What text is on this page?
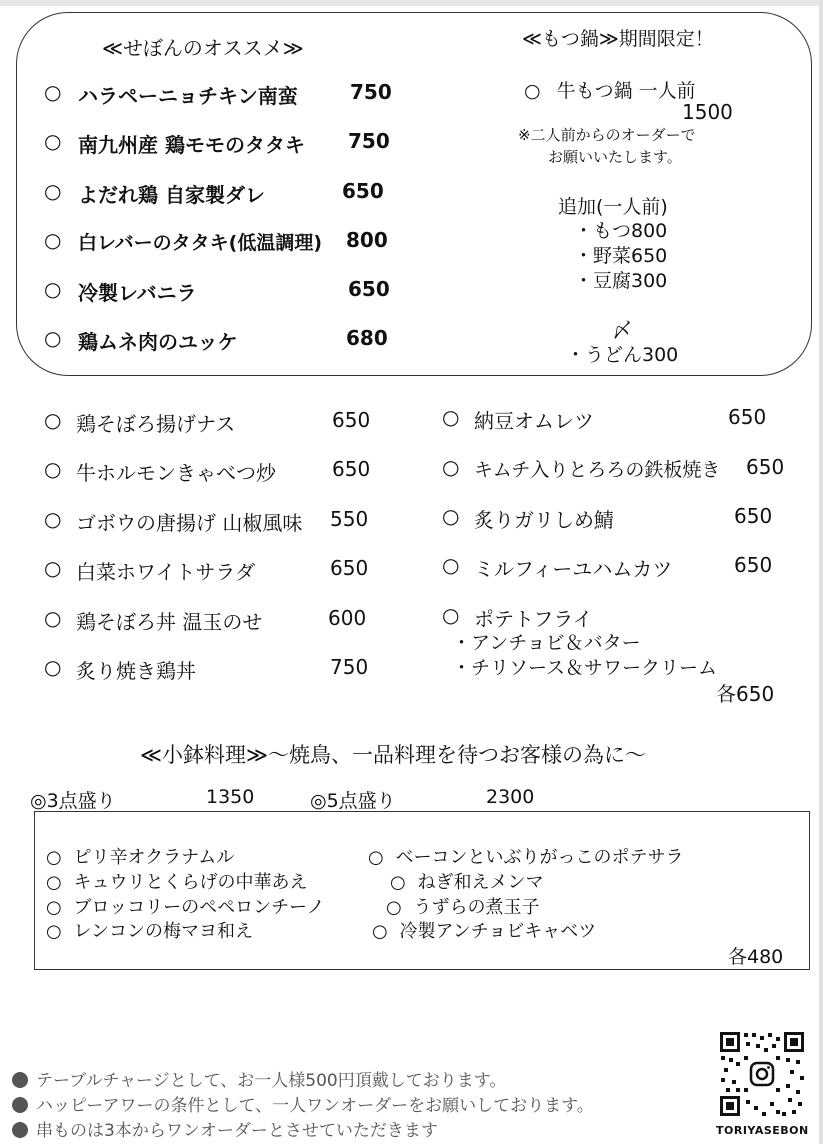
≪せぼんのオススメ≫
○ ハラペーニョチキン南蛮	750
○ 南九州産 鶏モモのタタキ 750
○ よだれ鶏 自家製ダレ	650
○ 白レバーのタタキ(低温調理) 800
○ 冷製レバニラ	650
○ 鶏ムネ肉のユッケ	680
≪もつ鍋≫期間限定！
○ 牛もつ鍋 一人前
1500
※二人前からのオーダーで
お願いいたします。
追加(一人前)
・もつ800
・野菜650
・豆腐300
〆
・うどん300
○ 鶏そぼろ揚げナス	650
○ 牛ホルモンきゃべつ炒	650
○ ゴボウの唐揚げ 山椒風味 550
○ 白菜ホワイトサラダ	650
○ 鶏そぼろ丼 温玉のせ	600
○ 炙り焼き鶏丼	750
○ 納豆オムレツ	650
○ キムチ入りとろろの鉄板焼き 650
○ 炙りガリしめ鯖	650
○ ミルフィーユハムカツ	650
○ ポテトフライ
・アンチョビ＆バター
・チリソース＆サワークリーム
各650
≪小鉢料理≫～焼鳥、一品料理を待つお客様の為に～
◎3点盛り	1350	◎5点盛り	2300
○ ピリ辛オクラナムル
○ キュウリとくらげの中華あえ
○ ブロッコリーのペペロンチーノ
○ レンコンの梅マヨ和え
○ ベーコンといぶりがっこのポテサラ
○ ねぎ和えメンマ
○ うずらの煮玉子
○ 冷製アンチョビキャベツ
各480
テーブルチャージとして、お一人様500円頂戴しております。
ハッピーアワーの条件として、一人ワンオーダーをお願いしております。
串ものは3本からワンオーダーとさせていただきます	TORIYASEBON
